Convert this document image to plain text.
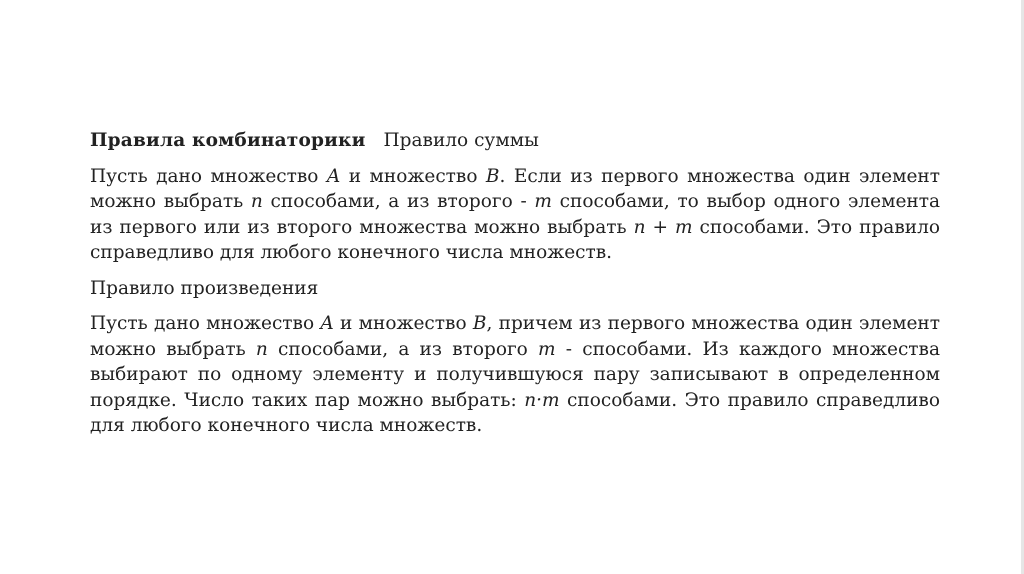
Правила комбинаторики Правило суммы

Пусть дано множество A и множество B. Если из первого множества один элемент можно выбрать n способами, а из второго - m способами, то выбор одного элемента из первого или из второго множества можно выбрать n + m способами. Это правило справедливо для любого конечного числа множеств.

Правило произведения

Пусть дано множество A и множество B, причем из первого множества один элемент можно выбрать n способами, а из второго m - способами. Из каждого множества выбирают по одному элементу и получившуюся пару записывают в определенном порядке. Число таких пар можно выбрать: n·m способами. Это правило справедливо для любого конечного числа множеств.
